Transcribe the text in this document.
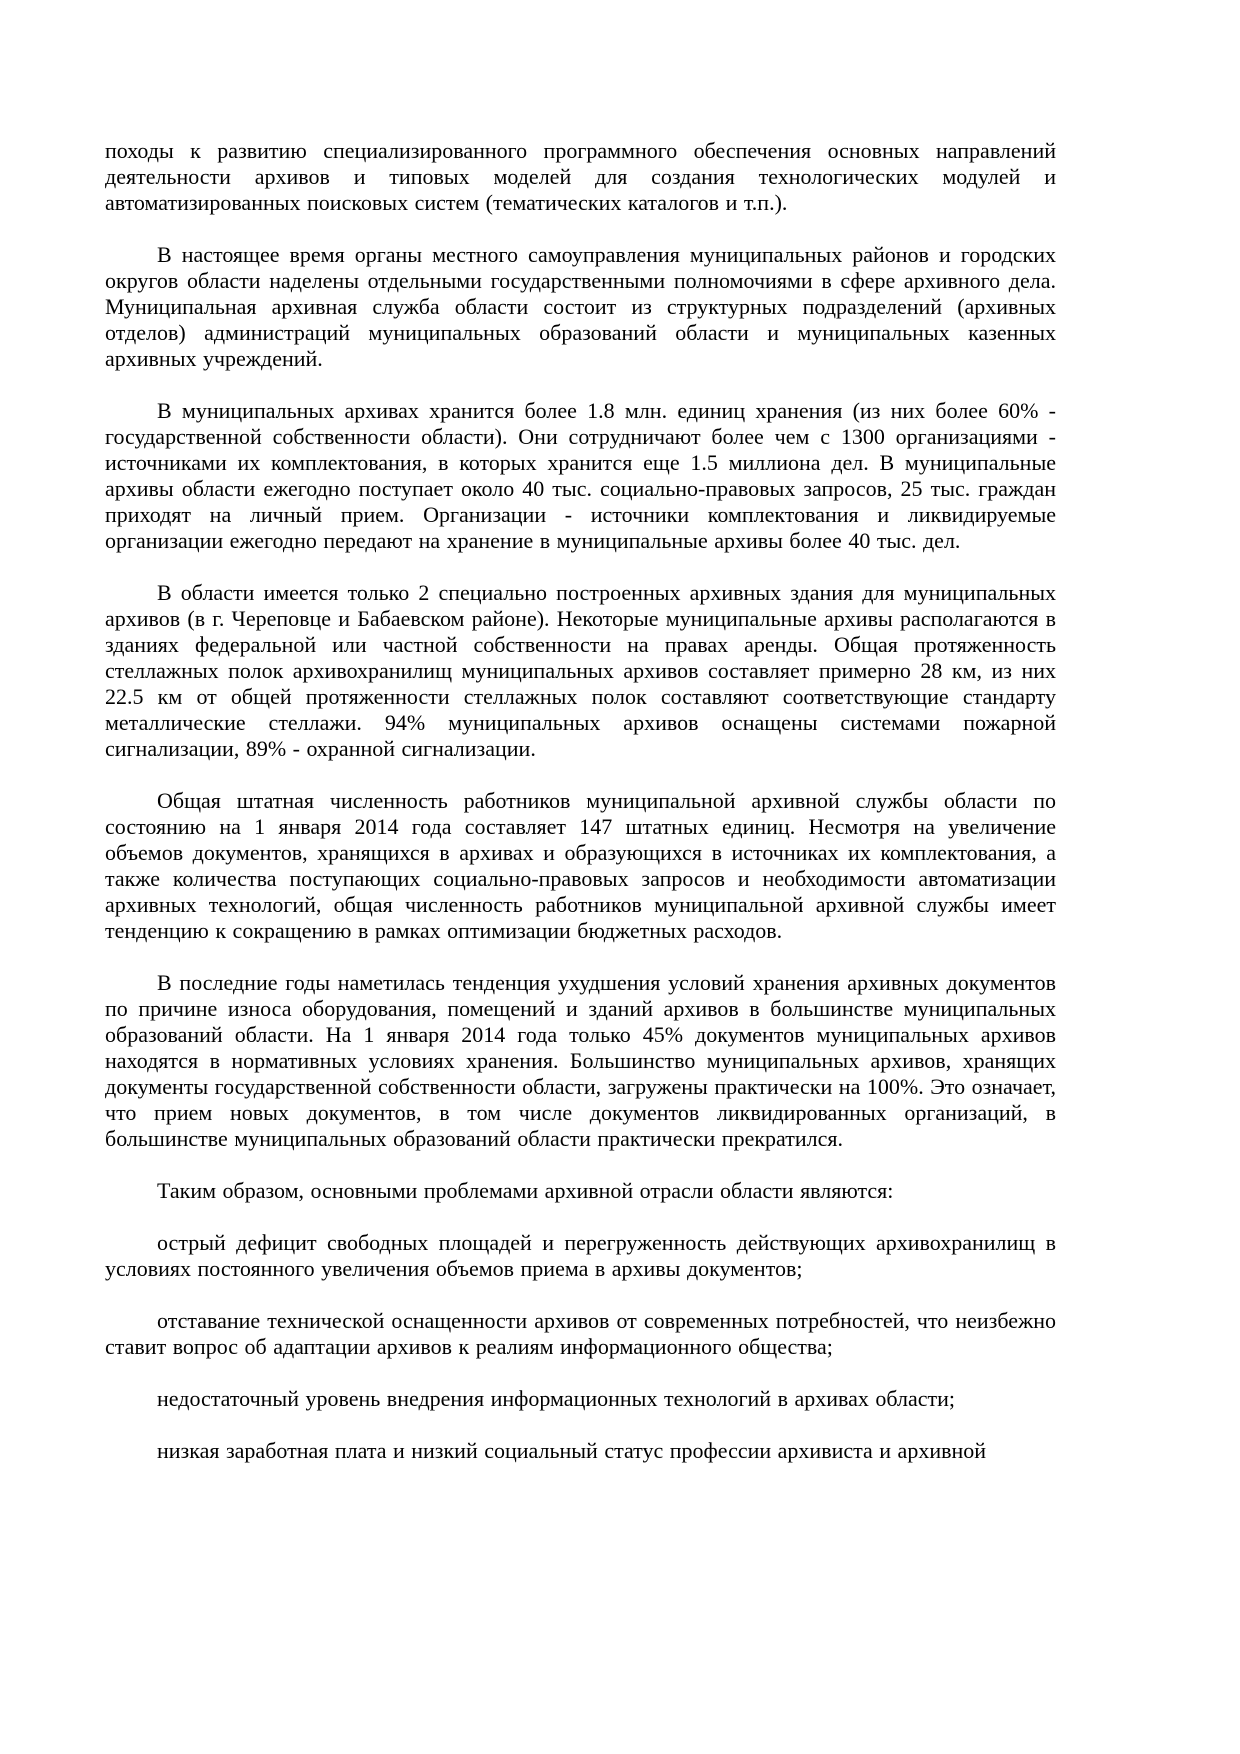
походы к развитию специализированного программного обеспечения основных направлений деятельности архивов и типовых моделей для создания технологических модулей и автоматизированных поисковых систем (тематических каталогов и т.п.).

В настоящее время органы местного самоуправления муниципальных районов и городских округов области наделены отдельными государственными полномочиями в сфере архивного дела. Муниципальная архивная служба области состоит из структурных подразделений (архивных отделов) администраций муниципальных образований области и муниципальных казенных архивных учреждений.

В муниципальных архивах хранится более 1.8 млн. единиц хранения (из них более 60% - государственной собственности области). Они сотрудничают более чем с 1300 организациями - источниками их комплектования, в которых хранится еще 1.5 миллиона дел. В муниципальные архивы области ежегодно поступает около 40 тыс. социально-правовых запросов, 25 тыс. граждан приходят на личный прием. Организации - источники комплектования и ликвидируемые организации ежегодно передают на хранение в муниципальные архивы более 40 тыс. дел.

В области имеется только 2 специально построенных архивных здания для муниципальных архивов (в г. Череповце и Бабаевском районе). Некоторые муниципальные архивы располагаются в зданиях федеральной или частной собственности на правах аренды. Общая протяженность стеллажных полок архивохранилищ муниципальных архивов составляет примерно 28 км, из них 22.5 км от общей протяженности стеллажных полок составляют соответствующие стандарту металлические стеллажи. 94% муниципальных архивов оснащены системами пожарной сигнализации, 89% - охранной сигнализации.

Общая штатная численность работников муниципальной архивной службы области по состоянию на 1 января 2014 года составляет 147 штатных единиц. Несмотря на увеличение объемов документов, хранящихся в архивах и образующихся в источниках их комплектования, а также количества поступающих социально-правовых запросов и необходимости автоматизации архивных технологий, общая численность работников муниципальной архивной службы имеет тенденцию к сокращению в рамках оптимизации бюджетных расходов.

В последние годы наметилась тенденция ухудшения условий хранения архивных документов по причине износа оборудования, помещений и зданий архивов в большинстве муниципальных образований области. На 1 января 2014 года только 45% документов муниципальных архивов находятся в нормативных условиях хранения. Большинство муниципальных архивов, хранящих документы государственной собственности области, загружены практически на 100%. Это означает, что прием новых документов, в том числе документов ликвидированных организаций, в большинстве муниципальных образований области практически прекратился.

Таким образом, основными проблемами архивной отрасли области являются:

острый дефицит свободных площадей и перегруженность действующих архивохранилищ в условиях постоянного увеличения объемов приема в архивы документов;

отставание технической оснащенности архивов от современных потребностей, что неизбежно ставит вопрос об адаптации архивов к реалиям информационного общества;

недостаточный уровень внедрения информационных технологий в архивах области;

низкая заработная плата и низкий социальный статус профессии архивиста и архивной
